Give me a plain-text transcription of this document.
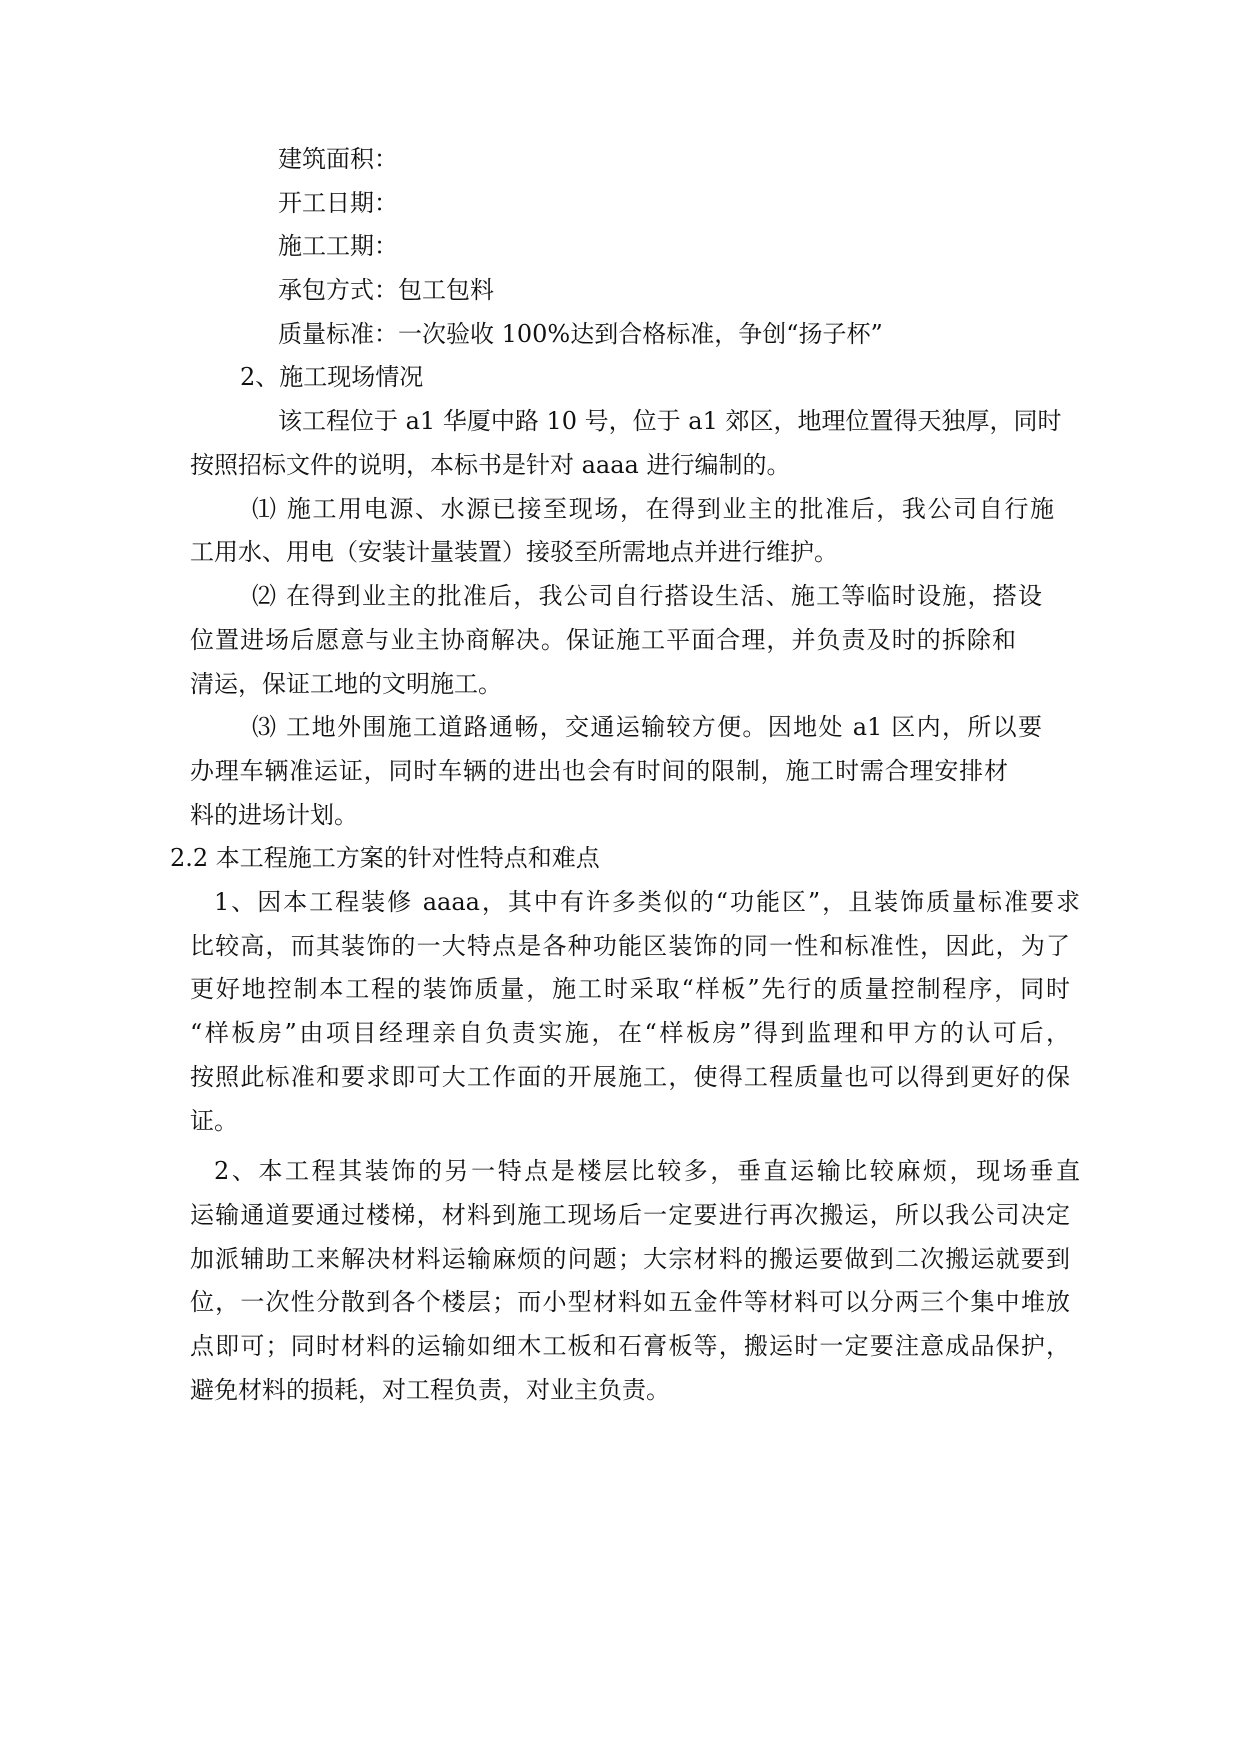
建筑面积：
开工日期：
施工工期：
承包方式：包工包料
质量标准：一次验收 100%达到合格标准，争创“扬子杯”
2、施工现场情况
该工程位于 a1 华厦中路 10 号，位于 a1 郊区，地理位置得天独厚，同时
按照招标文件的说明，本标书是针对 aaaa 进行编制的。
⑴ 施工用电源、水源已接至现场，在得到业主的批准后，我公司自行施
工用水、用电（安装计量装置）接驳至所需地点并进行维护。
⑵ 在得到业主的批准后，我公司自行搭设生活、施工等临时设施，搭设
位置进场后愿意与业主协商解决。保证施工平面合理，并负责及时的拆除和
清运，保证工地的文明施工。
⑶ 工地外围施工道路通畅，交通运输较方便。因地处 a1 区内，所以要
办理车辆准运证，同时车辆的进出也会有时间的限制，施工时需合理安排材
料的进场计划。
2.2 本工程施工方案的针对性特点和难点
1、因本工程装修 aaaa，其中有许多类似的“功能区”，且装饰质量标准要求
比较高，而其装饰的一大特点是各种功能区装饰的同一性和标准性，因此，为了
更好地控制本工程的装饰质量，施工时采取“样板”先行的质量控制程序，同时
“样板房”由项目经理亲自负责实施，在“样板房”得到监理和甲方的认可后，
按照此标准和要求即可大工作面的开展施工，使得工程质量也可以得到更好的保
证。
2、本工程其装饰的另一特点是楼层比较多，垂直运输比较麻烦，现场垂直
运输通道要通过楼梯，材料到施工现场后一定要进行再次搬运，所以我公司决定
加派辅助工来解决材料运输麻烦的问题；大宗材料的搬运要做到二次搬运就要到
位，一次性分散到各个楼层；而小型材料如五金件等材料可以分两三个集中堆放
点即可；同时材料的运输如细木工板和石膏板等，搬运时一定要注意成品保护，
避免材料的损耗，对工程负责，对业主负责。
